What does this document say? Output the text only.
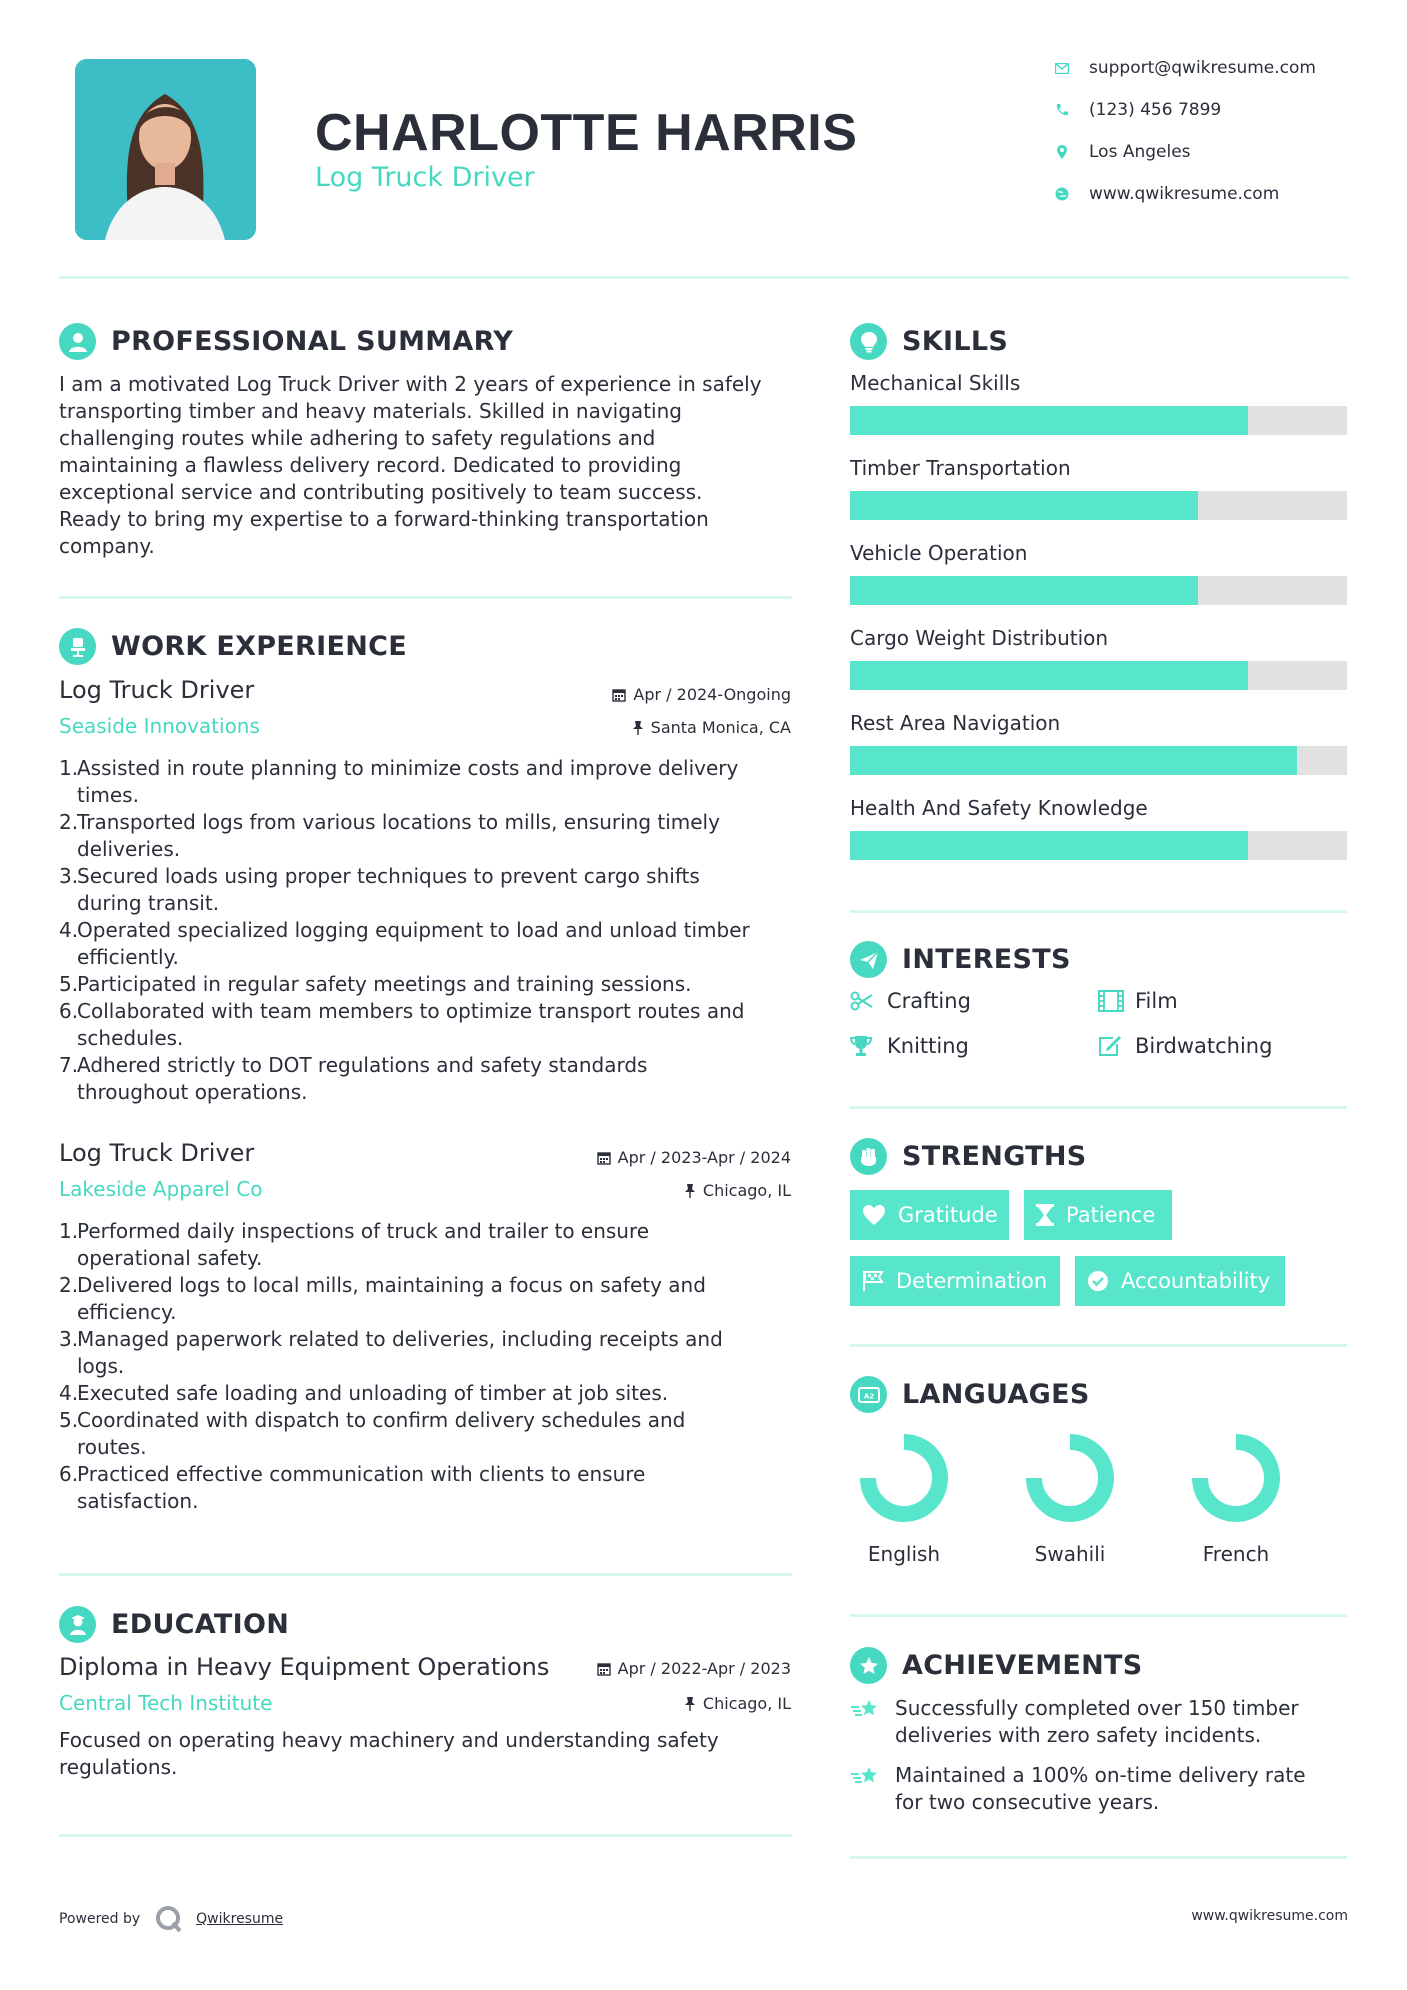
CHARLOTTE HARRIS
Log Truck Driver
support@qwikresume.com
(123) 456 7899
Los Angeles
www.qwikresume.com
PROFESSIONAL SUMMARY
I am a motivated Log Truck Driver with 2 years of experience in safely
transporting timber and heavy materials. Skilled in navigating
challenging routes while adhering to safety regulations and
maintaining a flawless delivery record. Dedicated to providing
exceptional service and contributing positively to team success.
Ready to bring my expertise to a forward-thinking transportation
company.
WORK EXPERIENCE
Log Truck Driver	Apr / 2024-Ongoing
Seaside Innovations	Santa Monica, CA
1.
Assisted in route planning to minimize costs and improve delivery
times.
2.
Transported logs from various locations to mills, ensuring timely
deliveries.
3.
Secured loads using proper techniques to prevent cargo shifts
during transit.
4.
Operated specialized logging equipment to load and unload timber
efficiently.
5.
Participated in regular safety meetings and training sessions.
6.
Collaborated with team members to optimize transport routes and
schedules.
7.
Adhered strictly to DOT regulations and safety standards
throughout operations.
Log Truck Driver	Apr / 2023-Apr / 2024
Lakeside Apparel Co	Chicago, IL
1.
Performed daily inspections of truck and trailer to ensure
operational safety.
2.
Delivered logs to local mills, maintaining a focus on safety and
efficiency.
3.
Managed paperwork related to deliveries, including receipts and
logs.
4.
Executed safe loading and unloading of timber at job sites.
5.
Coordinated with dispatch to confirm delivery schedules and
routes.
6.
Practiced effective communication with clients to ensure
satisfaction.
EDUCATION
Diploma in Heavy Equipment Operations	Apr / 2022-Apr / 2023
Central Tech Institute	Chicago, IL
Focused on operating heavy machinery and understanding safety
regulations.
SKILLS
Mechanical Skills
Timber Transportation
Vehicle Operation
Cargo Weight Distribution
Rest Area Navigation
Health And Safety Knowledge
INTERESTS
Crafting	Film
Knitting	Birdwatching
STRENGTHS
Gratitude	Patience
Determination	Accountability
A2 LANGUAGES
English	Swahili	French
ACHIEVEMENTS
Successfully completed over 150 timber
deliveries with zero safety incidents.
Maintained a 100% on-time delivery rate
for two consecutive years.
Powered by	Qwikresume	www.qwikresume.com
